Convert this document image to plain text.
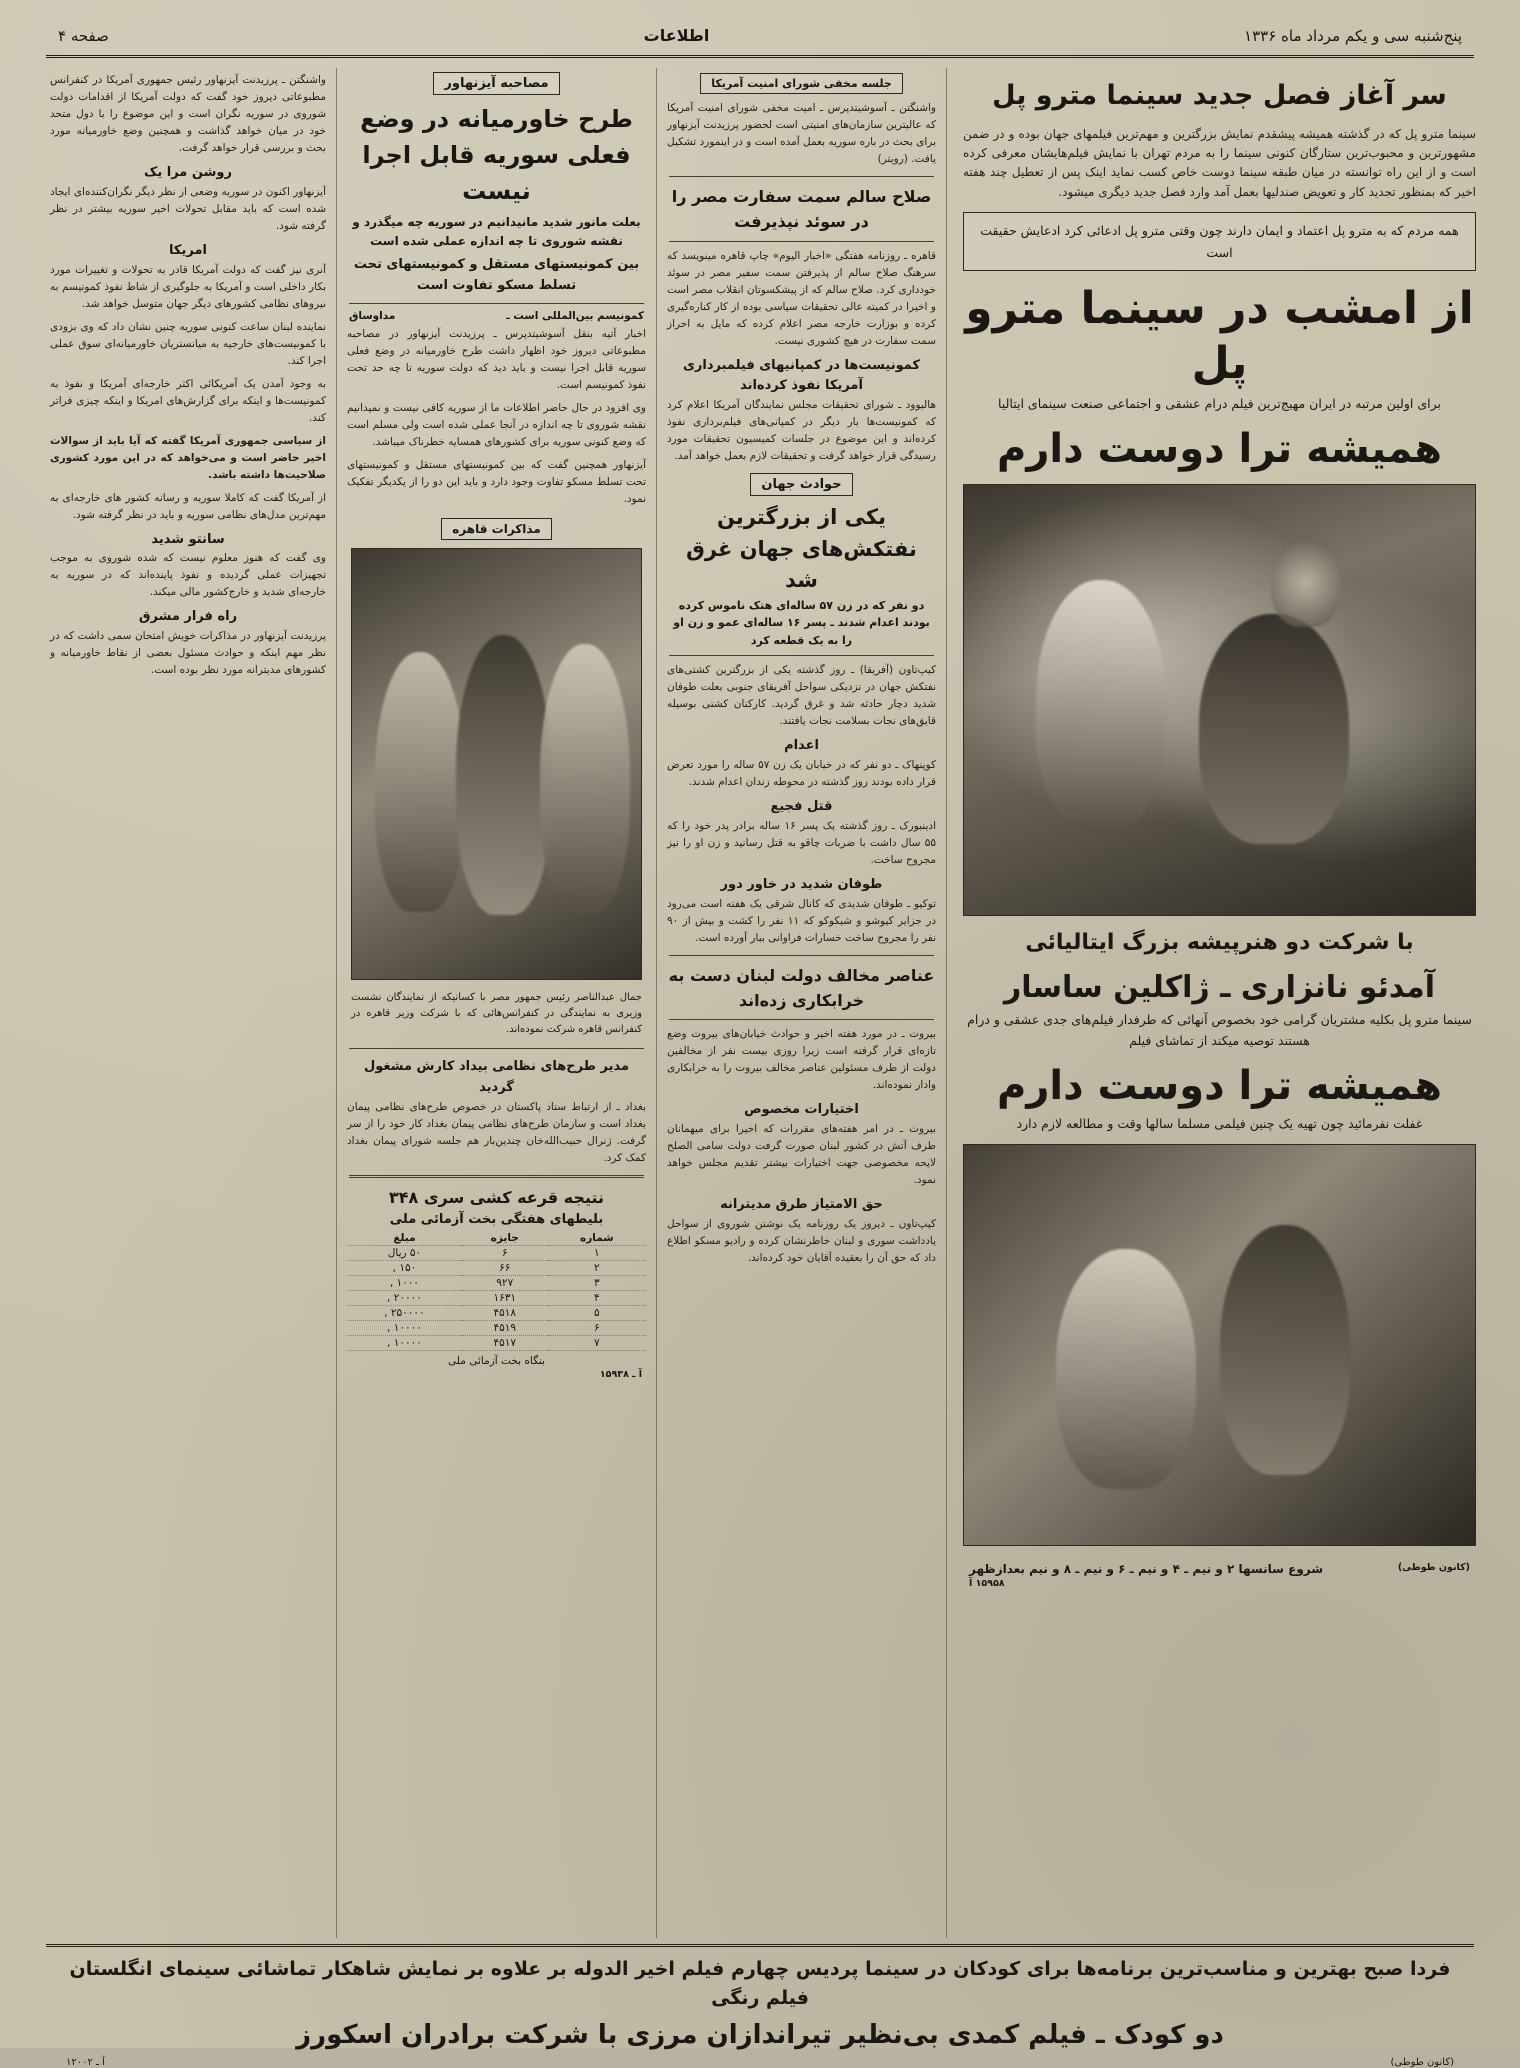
پنج‌شنبه سی و یکم مرداد ماه ۱۳۳۶
اطلاعات
صفحه ۴
سر آغاز فصل جدید سینما مترو پل

سینما مترو پل که در گذشته همیشه پیشقدم نمایش بزرگترین و مهم‌ترین فیلمهای جهان بوده و در ضمن مشهورترین و محبوب‌ترین ستارگان کنونی سینما را به مردم تهران با نمایش فیلم‌هایشان معرفی کرده است و از این راه توانسته در میان طبقه سینما دوست خاص کسب نماید اینک پس از تعطیل چند هفته اخیر که بمنظور تجدید کار و تعویض صندلیها بعمل آمد وارد فصل جدید دیگری میشود.

همه مردم که به مترو پل اعتماد و ایمان دارند چون وقتی مترو پل ادعائی کرد ادعایش حقیقت است
از امشب در سینما مترو پل
برای اولین مرتبه در ایران مهیج‌ترین فیلم درام عشقی و اجتماعی صنعت سینمای ایتالیا
همیشه ترا دوست دارم
با شرکت دو هنرپیشه بزرگ ایتالیائی
آمدئو نانزاری ـ ژاکلین ساسار
سینما مترو پل بکلیه مشتریان گرامی خود بخصوص آنهائی که طرفدار فیلم‌های جدی عشقی و درام هستند توصیه میکند از تماشای فیلم
همیشه ترا دوست دارم
غفلت نفرمائید چون تهیه یک چنین فیلمی مسلما سالها وقت و مطالعه لازم دارد
(کانون طوطی)
شروع سانسها ۲ و نیم ـ ۴ و نیم ـ ۶ و نیم ـ ۸ و نیم بعدازظهر
۱۵۹۵۸ آ
جلسه مخفی شورای امنیت آمریکا

واشنگتن ـ آسوشیتدپرس ـ امیت مخفی شورای امنیت آمریکا که عالیترین سازمان‌های امنیتی است لحضور پرزیدنت آیزنهاور برای بحث در باره سوریه بعمل آمده است و در اینمورد تشکیل یافت. (رویتر)

صلاح سالم سمت سفارت مصر را در سوئد نپذیرفت

قاهره ـ روزنامه هفتگی «اخبار الیوم» چاپ قاهره مینویسد که سرهنگ صلاح سالم از پذیرفتن سمت سفیر مصر در سوئد خودداری کرد. صلاح سالم که از پیشکسوتان انقلاب مصر است و اخیرا در کمیته عالی تحقیقات سیاسی بوده از کار کناره‌گیری کرده و بوزارت خارجه مصر اعلام کرده که مایل به احراز سمت سفارت در هیچ کشوری نیست.

کمونیست‌ها در کمپانیهای فیلمبرداری آمریکا نفوذ کرده‌اند

هالیوود ـ شورای تحقیقات مجلس نمایندگان آمریکا اعلام کرد که کمونیست‌ها بار دیگر در کمپانی‌های فیلم‌برداری نفوذ کرده‌اند و این موضوع در جلسات کمیسیون تحقیقات مورد رسیدگی قرار خواهد گرفت و تحقیقات لازم بعمل خواهد آمد.

حوادث جهان
یکی از بزرگترین نفتکش‌های جهان غرق شد
دو نفر که در زن ۵۷ ساله‌ای هتک ناموس کرده بودند اعدام شدند ـ پسر ۱۶ ساله‌ای عمو و زن او را به یک قطعه کرد

کیپ‌تاون (آفریقا) ـ روز گذشته یکی از بزرگترین کشتی‌های نفتکش جهان در نزدیکی سواحل آفریقای جنوبی بعلت طوفان شدید دچار حادثه شد و غرق گردید. کارکنان کشتی بوسیله قایق‌های نجات بسلامت نجات یافتند.

اعدام

کوپنهاک ـ دو نفر که در خیابان یک زن ۵۷ ساله را مورد تعرض قرار داده بودند روز گذشته در محوطه زندان اعدام شدند.

قتل فجیع

ادینبورک ـ روز گذشته یک پسر ۱۶ ساله برادر پدر خود را که ۵۵ سال داشت با ضربات چاقو به قتل رسانید و زن او را نیز مجروح ساخت.

طوفان شدید در خاور دور

توکیو ـ طوفان شدیدی که کانال شرقی یک هفته است می‌رود در جزایر کیوشو و شیکوکو که ۱۱ نفر را کشت و بیش از ۹۰ نفر را مجروح ساخت خسارات فراوانی ببار آورده است.

عناصر مخالف دولت لبنان دست به خرابکاری زده‌اند

بیروت ـ در مورد هفته اخیر و حوادث خیابان‌های بیروت وضع تازه‌ای قرار گرفته است زیرا روزی بیست نفر از مخالفین دولت از طرف مسئولین عناصر مخالف بیروت را به خرابکاری وادار نموده‌اند.

اختیارات مخصوص

بیروت ـ در امر هفته‌های مقررات که اخیرا برای میهمانان طرف آتش در کشور لبنان صورت گرفت دولت سامی الصلح لایحه مخصوصی جهت اختیارات بیشتر تقدیم مجلس خواهد نمود.

حق الامتیاز طرق مدیترانه

کیپ‌تاون ـ دیروز یک روزنامه یک نوشتن شوروی از سواحل یادداشت سوری و لبنان خاطرنشان کرده و رادیو مسکو اطلاع داد که حق آن را بعقیده آقایان خود کرده‌اند.

مصاحبه آیزنهاور
طرح خاورمیانه در وضع فعلی سوریه قابل اجرا نیست
بعلت مانور شدید مانیدانیم در سوریه چه میگذرد و نقشه شوروی تا چه اندازه عملی شده است
بین کمونیستهای مستقل و کمونیستهای تحت تسلط مسکو تفاوت است
کمونیسم بین‌المللی است ـ
مداوساق

اخبار آتیه بنقل آسوشیتدپرس ـ پرزیدنت آیزنهاور در مصاحبه مطبوعاتی دیروز خود اظهار داشت طرح خاورمیانه در وضع فعلی سوریه قابل اجرا نیست و باید دید که دولت سوریه تا چه حد تحت نفوذ کمونیسم است.

وی افزود در حال حاضر اطلاعات ما از سوریه کافی نیست و نمیدانیم نقشه شوروی تا چه اندازه در آنجا عملی شده است ولی مسلم است که وضع کنونی سوریه برای کشورهای همسایه خطرناک میباشد.

آیزنهاور همچنین گفت که بین کمونیستهای مستقل و کمونیستهای تحت تسلط مسکو تفاوت وجود دارد و باید این دو را از یکدیگر تفکیک نمود.

مذاکرات قاهره
جمال عبدالناصر رئیس جمهور مصر با کسانیکه از نمایندگان نشست وزیری به نمایندگی در کنفرانس‌هائی که با شرکت وزیر قاهره در کنفرانس قاهره شرکت نموده‌اند.
مدیر طرح‌های نظامی بیداد کارش مشغول گردید

بغداد ـ از ارتباط ستاد پاکستان در خصوص طرح‌های نظامی پیمان بغداد است و سازمان طرح‌های نظامی پیمان بغداد کار خود را از سر گرفت. ژنرال حبیب‌الله‌خان چندین‌بار هم جلسه شورای پیمان بغداد کمک کرد.

نتیجه قرعه کشی سری ۳۴۸
بلیطهای هفتگی بخت آزمائی ملی
شماره	جایزه	مبلغ
۱	۶	۵۰ ریال
۲	۶۶	۱۵۰ ,
۳	۹۲۷	۱۰۰۰ ,
۴	۱۶۳۱	۲۰۰۰۰ ,
۵	۴۵۱۸	۲۵۰۰۰۰ ,
۶	۴۵۱۹	۱۰۰۰۰ ,
۷	۴۵۱۷	۱۰۰۰۰ ,
بنگاه بخت آزمائی ملی
آ ـ ۱۵۹۳۸

واشنگتن ـ پرزیدنت آیزنهاور رئیس جمهوری آمریکا در کنفرانس مطبوعاتی دیروز خود گفت که دولت آمریکا از اقدامات دولت شوروی در سوریه نگران است و این موضوع را با دول متحد خود در میان خواهد گذاشت و همچنین وضع خاورمیانه مورد بحث و بررسی قرار خواهد گرفت.

روشن مرا یک

آیزنهاور اکنون در سوریه وضعی از نظر دیگر نگران‌کننده‌ای ایجاد شده است که باید مقابل تحولات اخیر سوریه بیشتر در نظر گرفته شود.

امریکا

آنری نیز گفت که دولت آمریکا قادر به تحولات و تغییرات مورد بکار داخلی است و آمریکا به جلوگیری از شاط نفوذ کمونیسم به نیروهای نظامی کشورهای دیگر جهان متوسل خواهد شد.

نماینده لبنان ساعت کنونی سوریه چنین نشان داد که وی بزودی با کمونیست‌های خارجیه به میانستریان خاورمیانه‌ای سوق عملی اجرا کند.

به وجود آمدن یک آمریکائی اکثر خارجه‌ای آمریکا و نفوذ به کمونیست‌ها و اینکه برای گزارش‌های امریکا و اینکه چیزی فراتر کند.

از سیاسی جمهوری آمریکا گفته که آیا باید از سوالات اخیر حاضر است و می‌خواهد که در این مورد کشوری صلاحیت‌ها داشته باشد.

از آمریکا گفت که کاملا سوریه و رسانه کشور های خارجه‌ای به مهم‌ترین مدل‌های نظامی سوریه و باید در نظر گرفته شود.

سانتو شدید

وی گفت که هنوز معلوم نیست که شده شوروی به موجب تجهیزات عملی گردیده و نفوذ پاینده‌اند که در سوریه به خارجه‌ای شدید و خارج‌کشور مالی میکند.

راه فرار مشرق

پرزیدنت آیزنهاور در مذاکرات خویش امتحان سمی داشت که در نظر مهم اینکه و حوادث مسئول بعضی از نقاط خاورمیانه و کشورهای مدیترانه مورد نظر بوده است.

فردا صبح بهترین و مناسب‌ترین برنامه‌ها برای کودکان در سینما پردیس چهارم فیلم اخیر الدوله بر علاوه بر نمایش شاهکار تماشائی سینمای انگلستان فیلم رنگی
دو کودک ـ فیلم کمدی بی‌نظیر تیراندازان مرزی با شرکت برادران اسکورز
(کانون طوطی)
آ ـ ۱۲۰۰۲
